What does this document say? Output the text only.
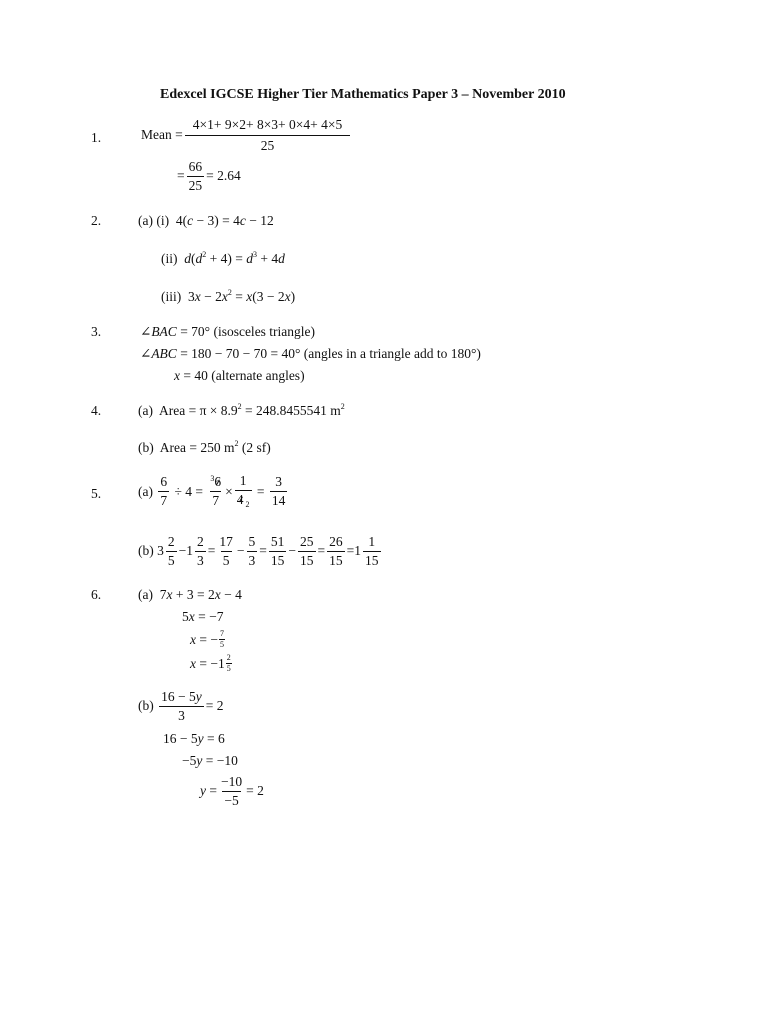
Edexcel IGCSE Higher Tier Mathematics Paper 3 – November 2010
1.	Mean = $\frac{4\times 1+ 9\times 2+ 8\times 3+ 0\times 4+ 4\times 5}{25}$
= $\frac{66}{25} = 2.64$
2.	(a) (i)  4(c − 3) = 4c − 12
(ii) $d(d^2 + 4) = d^3 + 4d$
(iii)  $3x - 2x^2 = x(3 - 2x)$
3.	∠BAC = 70° (isosceles triangle)
∠ABC = 180 − 70 − 70 = 40° (angles in a triangle add to 180°)
x = 40 (alternate angles)
4.	(a) Area = $\pi \times 8.9^2 = 248.8455541$ $m^2$
(b) Area = 250 $m^2$ (2 sf)
5.	(a)
$\frac{6}{7} \div 4 = \frac{^36}{7} \times \frac{1}{4 _2} = \frac{3}{14}$
(b)
$3 \frac{2}{5} - 1 \frac{2}{3} = \frac{17}{5} - \frac{5}{3} = \frac{51}{15} - \frac{25}{15} = \frac{26}{15} = 1 \frac{1}{15}$
6.	(a)  7x + 3 = 2x − 4
5x = −7
x = − $\frac{7}{5}$
$x = -1 \frac{2}{5}$
(b)
$\frac{16 - 5y}{3} = 2$
16 − 5y = 6
−5y = −10
$y = \frac{-10}{-5} = 2$
